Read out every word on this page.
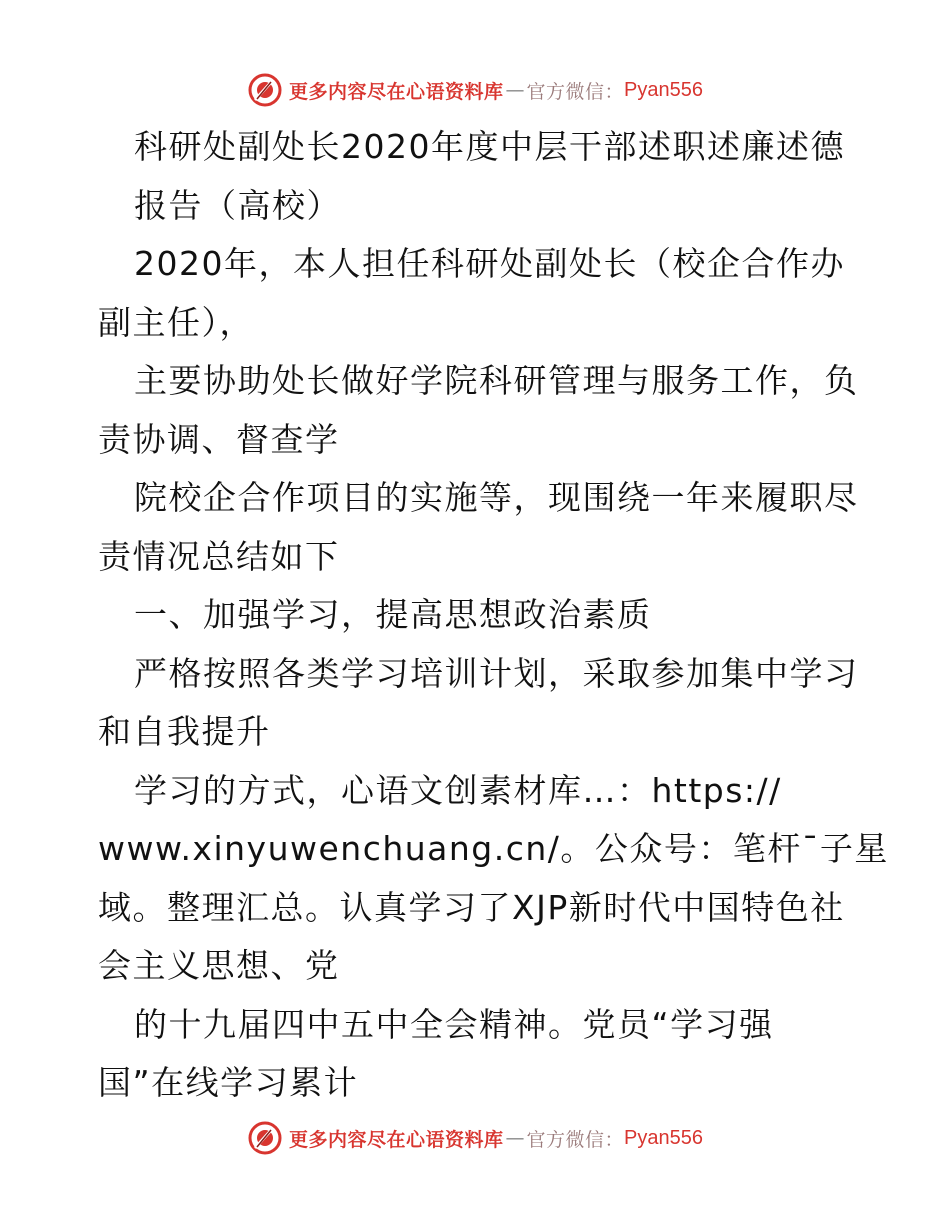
更多内容尽在心语资料库 — 官方微信： Pyan556
科研处副处长2020年度中层干部述职述廉述德
报告（高校）
2020年，本人担任科研处副处长（校企合作办
副主任），
主要协助处长做好学院科研管理与服务工作，负
责协调、督查学
院校企合作项目的实施等，现围绕一年来履职尽
责情况总结如下
一、加强学习，提高思想政治素质
严格按照各类学习培训计划，采取参加集中学习
和自我提升
学习的方式，心语文创素材库…：https://
www.xinyuwenchuang.cn/。公众号：笔杆¯子星
域。整理汇总。认真学习了XJP新时代中国特色社
会主义思想、党
的十九届四中五中全会精神。党员“学习强
国”在线学习累计
更多内容尽在心语资料库 — 官方微信： Pyan556
